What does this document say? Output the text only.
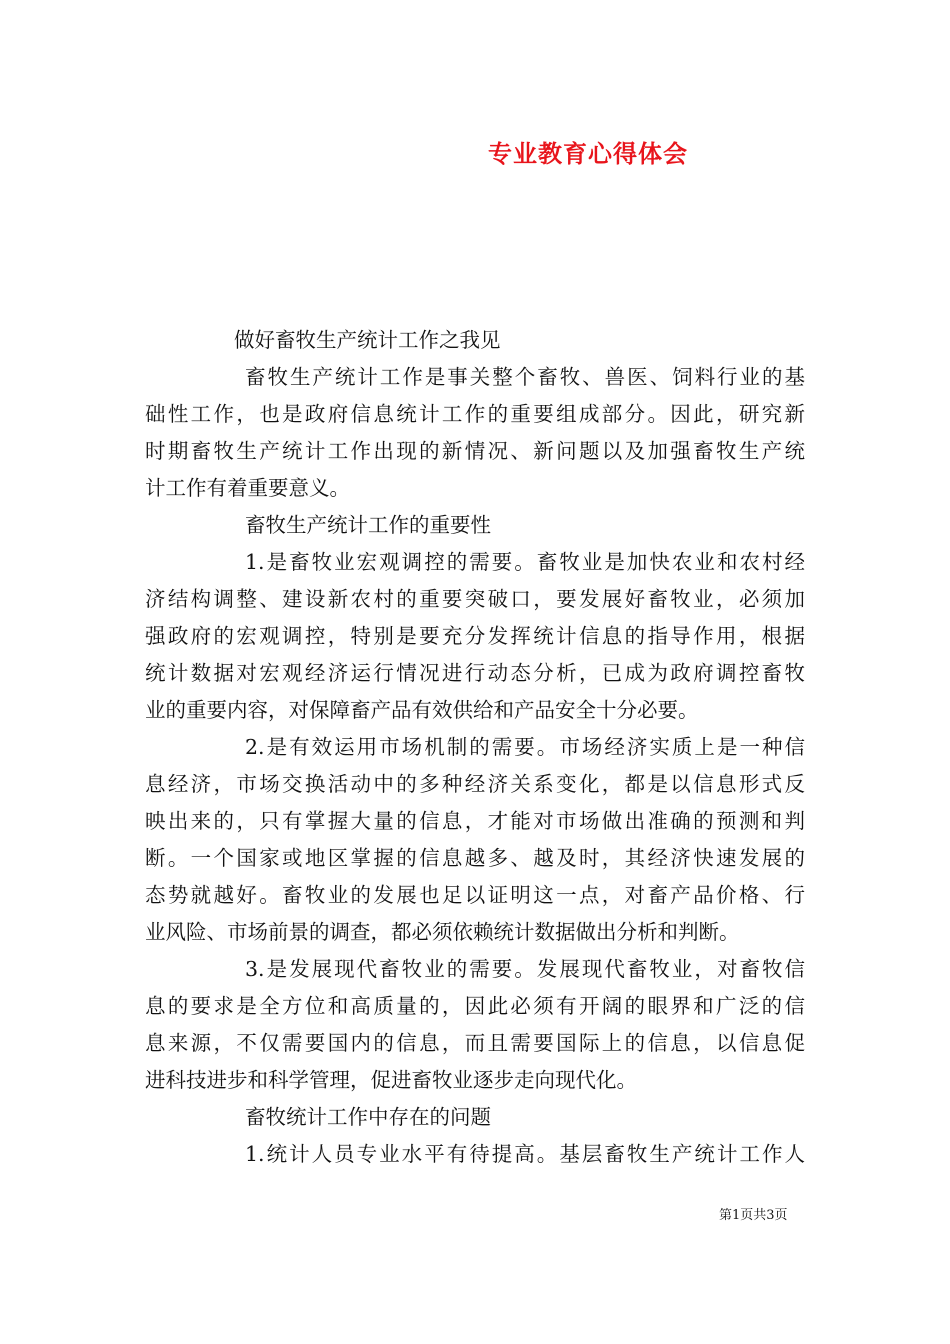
专业教育心得体会
做好畜牧生产统计工作之我见
畜牧生产统计工作是事关整个畜牧、兽医、饲料行业的基
础性工作，也是政府信息统计工作的重要组成部分。因此，研究新
时期畜牧生产统计工作出现的新情况、新问题以及加强畜牧生产统
计工作有着重要意义。
畜牧生产统计工作的重要性
1.是畜牧业宏观调控的需要。畜牧业是加快农业和农村经
济结构调整、建设新农村的重要突破口，要发展好畜牧业，必须加
强政府的宏观调控，特别是要充分发挥统计信息的指导作用，根据
统计数据对宏观经济运行情况进行动态分析，已成为政府调控畜牧
业的重要内容，对保障畜产品有效供给和产品安全十分必要。
2.是有效运用市场机制的需要。市场经济实质上是一种信
息经济，市场交换活动中的多种经济关系变化，都是以信息形式反
映出来的，只有掌握大量的信息，才能对市场做出准确的预测和判
断。一个国家或地区掌握的信息越多、越及时，其经济快速发展的
态势就越好。畜牧业的发展也足以证明这一点，对畜产品价格、行
业风险、市场前景的调查，都必须依赖统计数据做出分析和判断。
3.是发展现代畜牧业的需要。发展现代畜牧业，对畜牧信
息的要求是全方位和高质量的，因此必须有开阔的眼界和广泛的信
息来源，不仅需要国内的信息，而且需要国际上的信息，以信息促
进科技进步和科学管理，促进畜牧业逐步走向现代化。
畜牧统计工作中存在的问题
1.统计人员专业水平有待提高。基层畜牧生产统计工作人
第1页共3页
